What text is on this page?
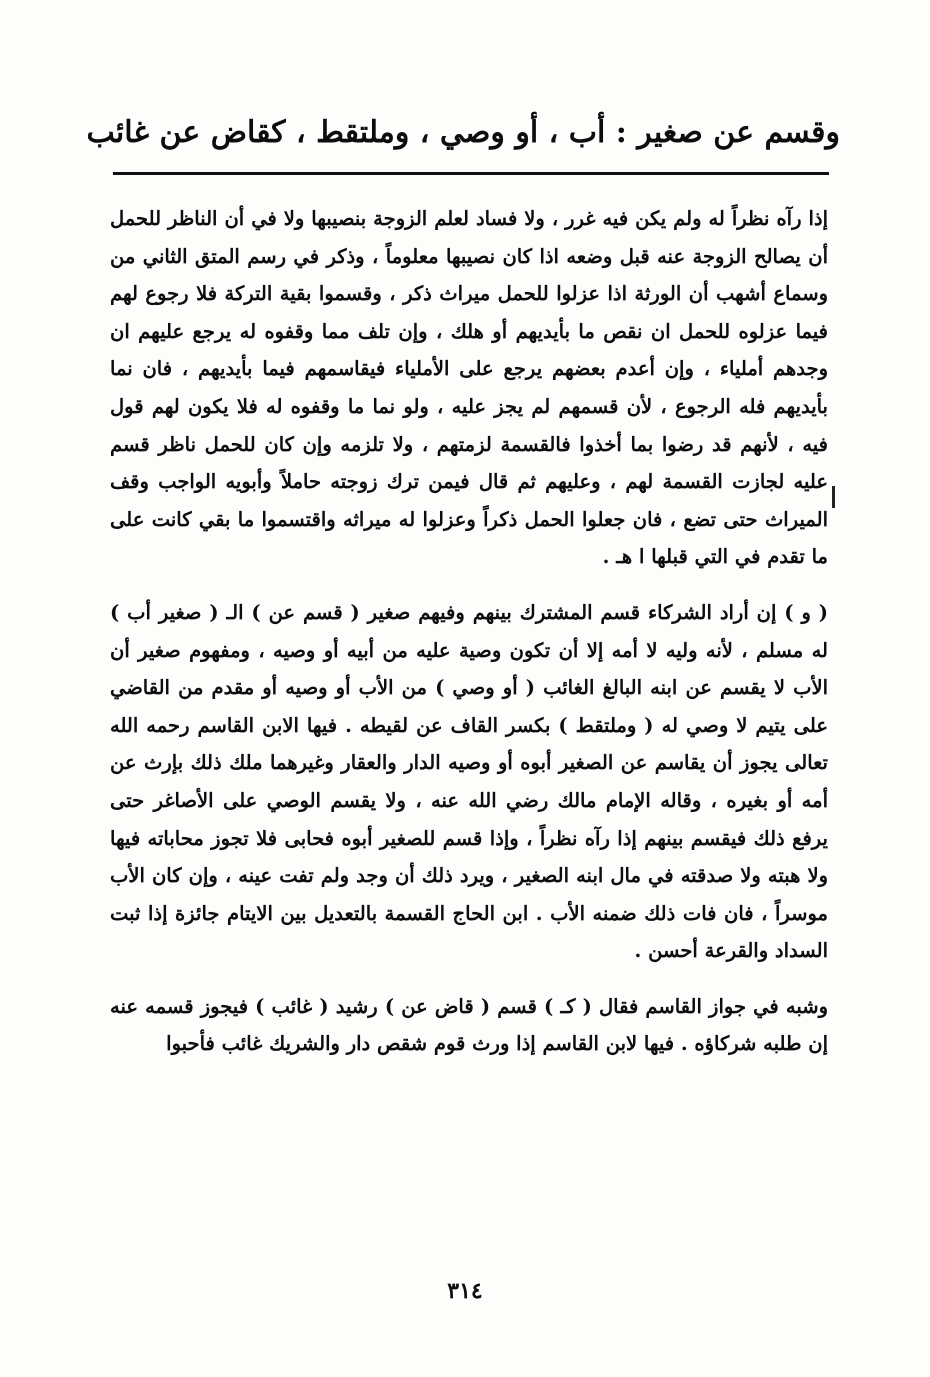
وقسم عن صغير : أب ، أو وصي ، وملتقط ، كقاض عن غائب

إذا رآه نظراً له ولم يكن فيه غرر ، ولا فساد لعلم الزوجة بنصيبها ولا في أن الناظر للحمل أن يصالح الزوجة عنه قبل وضعه اذا كان نصيبها معلوماً ، وذكر في رسم المتق الثاني من وسماع أشهب أن الورثة اذا عزلوا للحمل ميراث ذكر ، وقسموا بقية التركة فلا رجوع لهم فيما عزلوه للحمل ان نقص ما بأيديهم أو هلك ، وإن تلف مما وقفوه له يرجع عليهم ان وجدهم أملياء ، وإن أعدم بعضهم يرجع على الأملياء فيقاسمهم فيما بأيديهم ، فان نما بأيديهم فله الرجوع ، لأن قسمهم لم يجز عليه ، ولو نما ما وقفوه له فلا يكون لهم قول فيه ، لأنهم قد رضوا بما أخذوا فالقسمة لزمتهم ، ولا تلزمه وإن كان للحمل ناظر قسم عليه لجازت القسمة لهم ، وعليهم ثم قال فيمن ترك زوجته حاملاً وأبويه الواجب وقف الميراث حتى تضع ، فان جعلوا الحمل ذكراً وعزلوا له ميراثه واقتسموا ما بقي كانت على ما تقدم في التي قبلها ا هـ .

( و ) إن أراد الشركاء قسم المشترك بينهم وفيهم صغير ( قسم عن ) الـ ( صغير أب ) له مسلم ، لأنه وليه لا أمه إلا أن تكون وصية عليه من أبيه أو وصيه ، ومفهوم صغير أن الأب لا يقسم عن ابنه البالغ الغائب ( أو وصي ) من الأب أو وصيه أو مقدم من القاضي على يتيم لا وصي له ( وملتقط ) بكسر القاف عن لقيطه . فيها الابن القاسم رحمه الله تعالى يجوز أن يقاسم عن الصغير أبوه أو وصيه الدار والعقار وغيرهما ملك ذلك بإرث عن أمه أو بغيره ، وقاله الإمام مالك رضي الله عنه ، ولا يقسم الوصي على الأصاغر حتى يرفع ذلك فيقسم بينهم إذا رآه نظراً ، وإذا قسم للصغير أبوه فحابى فلا تجوز محاباته فيها ولا هبته ولا صدقته في مال ابنه الصغير ، ويرد ذلك أن وجد ولم تفت عينه ، وإن كان الأب موسراً ، فان فات ذلك ضمنه الأب . ابن الحاج القسمة بالتعديل بين الايتام جائزة إذا ثبت السداد والقرعة أحسن .

وشبه في جواز القاسم فقال ( كـ ) قسم ( قاض عن ) رشيد ( غائب ) فيجوز قسمه عنه إن طلبه شركاؤه . فيها لابن القاسم إذا ورث قوم شقص دار والشريك غائب فأحبوا

٣١٤
